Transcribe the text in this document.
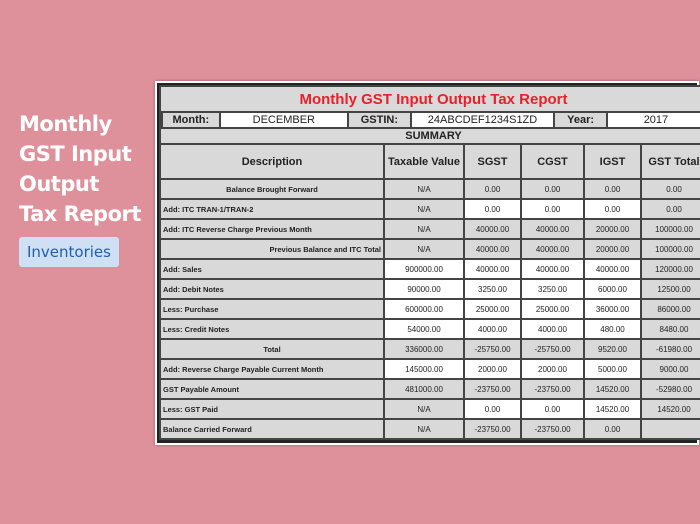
Monthly
GST Input
Output
Tax Report
Inventories
Monthly GST Input Output Tax Report

Month:	DECEMBER	GSTIN:	24ABCDEF1234S1ZD	Year:	2017

SUMMARY
Description	Taxable Value	SGST	CGST	IGST	GST Total
Balance Brought Forward	N/A	0.00	0.00	0.00	0.00
Add: ITC TRAN-1/TRAN-2	N/A	0.00	0.00	0.00	0.00
Add: ITC Reverse Charge Previous Month	N/A	40000.00	40000.00	20000.00	100000.00
Previous Balance and ITC Total	N/A	40000.00	40000.00	20000.00	100000.00
Add: Sales	900000.00	40000.00	40000.00	40000.00	120000.00
Add: Debit Notes	90000.00	3250.00	3250.00	6000.00	12500.00
Less: Purchase	600000.00	25000.00	25000.00	36000.00	86000.00
Less: Credit Notes	54000.00	4000.00	4000.00	480.00	8480.00
Total	336000.00	-25750.00	-25750.00	9520.00	-61980.00
Add: Reverse Charge Payable Current Month	145000.00	2000.00	2000.00	5000.00	9000.00
GST Payable Amount	481000.00	-23750.00	-23750.00	14520.00	-52980.00
Less: GST Paid	N/A	0.00	0.00	14520.00	14520.00
Balance Carried Forward	N/A	-23750.00	-23750.00	0.00	
